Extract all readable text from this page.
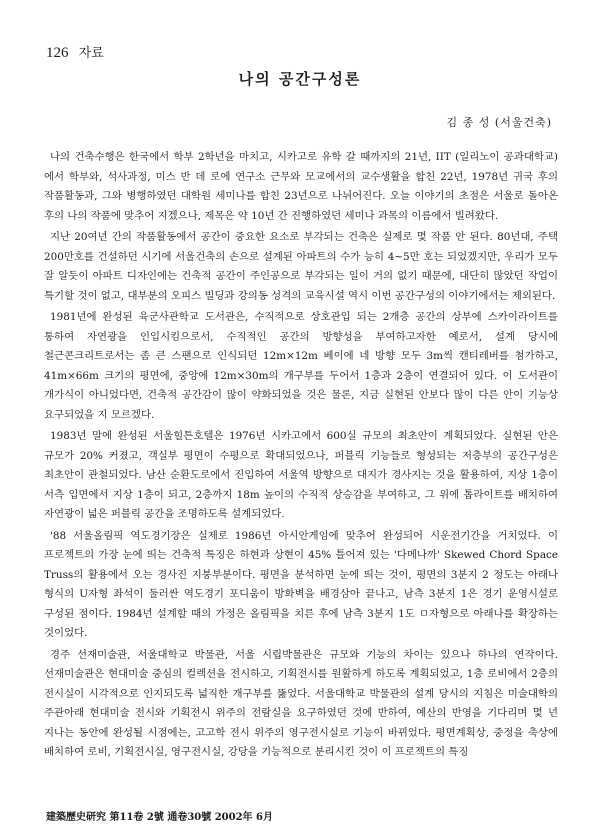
126 자료
나의 공간구성론
김 종 성 (서울건축)

나의 건축수행은 한국에서 학부 2학년을 마치고, 시카고로 유학 갈 때까지의 21년, IIT (일리노이 공과대학교)에서 학부와, 석사과정, 미스 반 데 로에 연구소 근무와 모교에서의 교수생활을 합친 22년, 1978년 귀국 후의 작품활동과, 그와 병행하였던 대학원 세미나를 합친 23년으로 나뉘어진다. 오늘 이야기의 초점은 서울로 돌아온 후의 나의 작품에 맞추어 지겠으나, 제목은 약 10년 간 진행하였던 세미나 과목의 이름에서 빌려왔다.

지난 20여년 간의 작품활동에서 공간이 중요한 요소로 부각되는 건축은 실제로 몇 작품 안 된다. 80년대, 주택 200만호를 건설하던 시기에 서울건축의 손으로 설계된 아파트의 수가 능히 4~5만 호는 되었겠지만, 우리가 모두 잘 알듯이 아파트 디자인에는 건축적 공간이 주인공으로 부각되는 일이 거의 없기 때문에, 대단히 많았던 작업이 특기할 것이 없고, 대부분의 오피스 빌딩과 강의동 성격의 교육시설 역시 이번 공간구성의 이야기에서는 제외된다.

1981년에 완성된 육군사관학교 도서관은, 수직적으로 상호관입 되는 2개층 공간의 상부에 스카이라이트를 통하여 자연광을 인입시킴으로서, 수직적인 공간의 방향성을 부여하고자한 예로서, 설계 당시에 철근콘크리트로서는 좀 큰 스팬으로 인식되던 12m×12m 베이에 네 방향 모두 3m씩 캔티레버를 첨가하고, 41m×66m 크기의 평면에, 중앙에 12m×30m의 개구부를 두어서 1층과 2층이 연결되어 있다. 이 도서관이 개가식이 아니었다면, 건축적 공간감이 많이 약화되었을 것은 물론, 지금 실현된 안보다 많이 다른 안이 기능상 요구되었을 지 모르겠다.

1983년 말에 완성된 서울힐튼호텔은 1976년 시카고에서 600실 규모의 최초안이 계획되었다. 실현된 안은 규모가 20% 커졌고, 객실부 평면이 수평으로 확대되었으나, 퍼블릭 기능들로 형성되는 저층부의 공간구성은 최초안이 관철되었다. 남산 순환도로에서 진입하여 서울역 방향으로 대지가 경사지는 것을 활용하여, 지상 1층이 서측 입면에서 지상 1층이 되고, 2층까지 18m 높이의 수직적 상승감을 부여하고, 그 위에 톱라이트를 배치하여 자연광이 넓은 퍼블릭 공간을 조명하도록 설계되었다.

'88 서울올림픽 역도경기장은 실제로 1986년 아시안게임에 맞추어 완성되어 시운전기간을 거치었다. 이 프로젝트의 가장 눈에 띄는 건축적 특징은 하현과 상현이 45% 틀어져 있는 '다메나까' Skewed Chord Space Truss의 활용에서 오는 경사진 지붕부분이다. 평면을 분석하면 눈에 띄는 것이, 평면의 3분지 2 정도는 아래나 형식의 U자형 좌석이 둘러싼 역도경기 포디움이 방화벽을 배경삼아 끝나고, 남측 3분지 1은 경기 운영시설로 구성된 점이다. 1984년 설계할 때의 가정은 올림픽을 치른 후에 남측 3분지 1도 ㅁ자형으로 아래나를 확장하는 것이었다.

경주 선재미술관, 서울대학교 박물관, 서울 시립박물관은 규모와 기능의 차이는 있으나 하나의 연작이다. 선재미술관은 현대미술 중심의 컬렉션을 전시하고, 기획전시를 원활하게 하도록 계획되었고, 1층 로비에서 2층의 전시실이 시각적으로 인지되도록 넓직한 개구부를 뚫었다. 서울대학교 박물관의 설계 당시의 지침은 미술대학의 주관아래 현대미술 전시와 기획전시 위주의 전람실을 요구하였던 것에 반하여, 예산의 반영을 기다리며 몇 년 지나는 동안에 완성될 시점에는, 고고학 전시 위주의 영구전시실로 기능이 바뀌었다. 평면계획상, 중정을 축상에 배치하여 로비, 기획전시실, 영구전시실, 강당을 기능적으로 분리시킨 것이 이 프로젝트의 특징

建築歷史研究 第11卷 2號 通卷30號 2002年 6月
